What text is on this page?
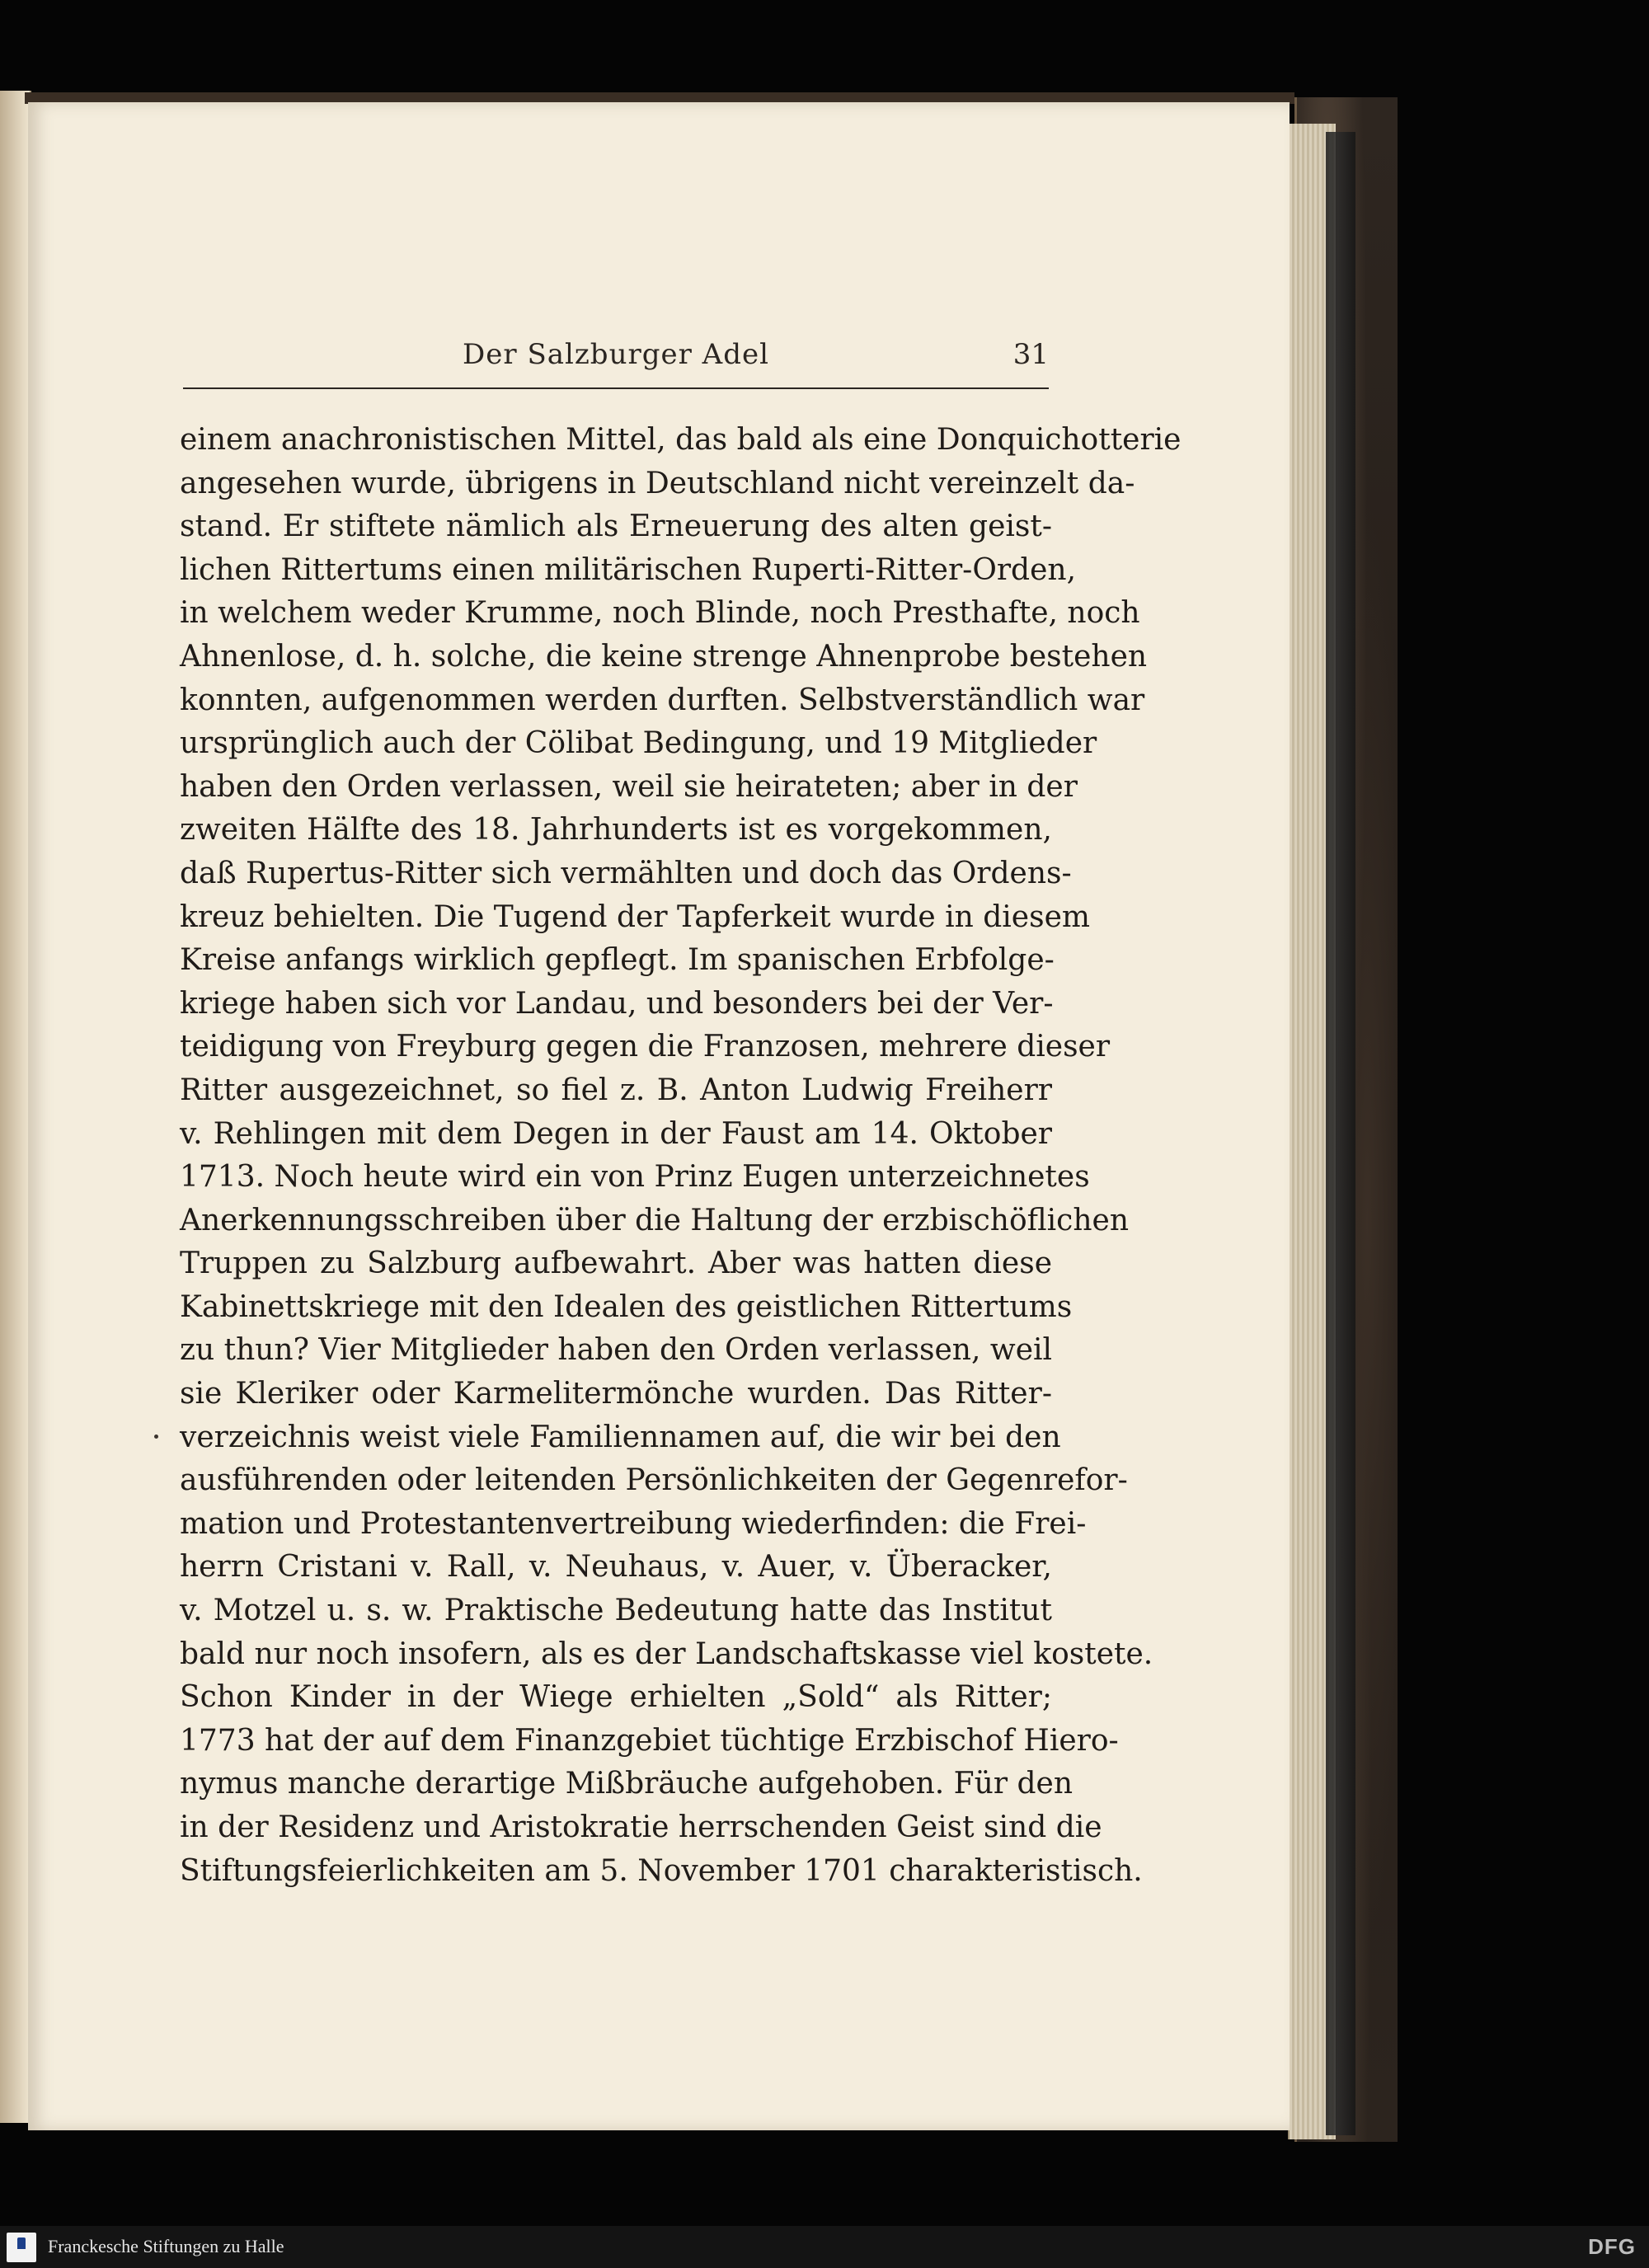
Der Salzburger Adel	31
einem anachronistischen Mittel, das bald als eine Donquichotterie
angesehen wurde, übrigens in Deutschland nicht vereinzelt da-
stand. Er stiftete nämlich als Erneuerung des alten geist-
lichen Rittertums einen militärischen Ruperti-Ritter-Orden,
in welchem weder Krumme, noch Blinde, noch Presthafte, noch
Ahnenlose, d. h. solche, die keine strenge Ahnenprobe bestehen
konnten, aufgenommen werden durften. Selbstverständlich war
ursprünglich auch der Cölibat Bedingung, und 19 Mitglieder
haben den Orden verlassen, weil sie heirateten; aber in der
zweiten Hälfte des 18. Jahrhunderts ist es vorgekommen,
daß Rupertus-Ritter sich vermählten und doch das Ordens-
kreuz behielten. Die Tugend der Tapferkeit wurde in diesem
Kreise anfangs wirklich gepflegt. Im spanischen Erbfolge-
kriege haben sich vor Landau, und besonders bei der Ver-
teidigung von Freyburg gegen die Franzosen, mehrere dieser
Ritter ausgezeichnet, so fiel z. B. Anton Ludwig Freiherr
v. Rehlingen mit dem Degen in der Faust am 14. Oktober
1713. Noch heute wird ein von Prinz Eugen unterzeichnetes
Anerkennungsschreiben über die Haltung der erzbischöflichen
Truppen zu Salzburg aufbewahrt. Aber was hatten diese
Kabinettskriege mit den Idealen des geistlichen Rittertums
zu thun? Vier Mitglieder haben den Orden verlassen, weil
sie Kleriker oder Karmelitermönche wurden. Das Ritter-
verzeichnis weist viele Familiennamen auf, die wir bei den
ausführenden oder leitenden Persönlichkeiten der Gegenrefor-
mation und Protestantenvertreibung wiederfinden: die Frei-
herrn Cristani v. Rall, v. Neuhaus, v. Auer, v. Überacker,
v. Motzel u. s. w. Praktische Bedeutung hatte das Institut
bald nur noch insofern, als es der Landschaftskasse viel kostete.
Schon Kinder in der Wiege erhielten „Sold“ als Ritter;
1773 hat der auf dem Finanzgebiet tüchtige Erzbischof Hiero-
nymus manche derartige Mißbräuche aufgehoben. Für den
in der Residenz und Aristokratie herrschenden Geist sind die
Stiftungsfeierlichkeiten am 5. November 1701 charakteristisch.
Franckesche Stiftungen zu Halle	DFG
